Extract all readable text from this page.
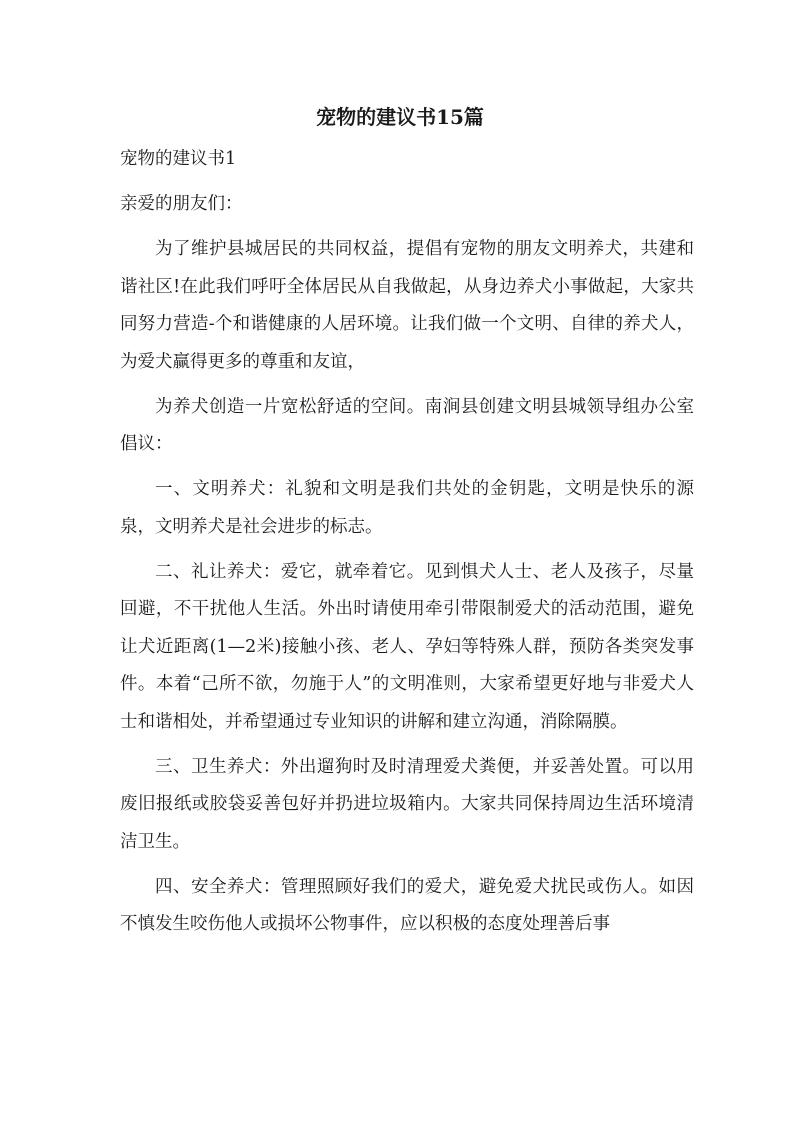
宠物的建议书15篇

宠物的建议书1

亲爱的朋友们：

为了维护县城居民的共同权益，提倡有宠物的朋友文明养犬，共建和谐社区!在此我们呼吁全体居民从自我做起，从身边养犬小事做起，大家共同努力营造-个和谐健康的人居环境。让我们做一个文明、自律的养犬人，为爱犬赢得更多的尊重和友谊，

为养犬创造一片宽松舒适的空间。南涧县创建文明县城领导组办公室倡议：

一、文明养犬：礼貌和文明是我们共处的金钥匙，文明是快乐的源泉，文明养犬是社会进步的标志。

二、礼让养犬：爱它，就牵着它。见到惧犬人士、老人及孩子，尽量回避，不干扰他人生活。外出时请使用牵引带限制爱犬的活动范围，避免让犬近距离(1—2米)接触小孩、老人、孕妇等特殊人群，预防各类突发事件。本着“己所不欲，勿施于人”的文明准则，大家希望更好地与非爱犬人士和谐相处，并希望通过专业知识的讲解和建立沟通，消除隔膜。

三、卫生养犬：外出遛狗时及时清理爱犬粪便，并妥善处置。可以用废旧报纸或胶袋妥善包好并扔进垃圾箱内。大家共同保持周边生活环境清洁卫生。

四、安全养犬：管理照顾好我们的爱犬，避免爱犬扰民或伤人。如因不慎发生咬伤他人或损坏公物事件，应以积极的态度处理善后事
